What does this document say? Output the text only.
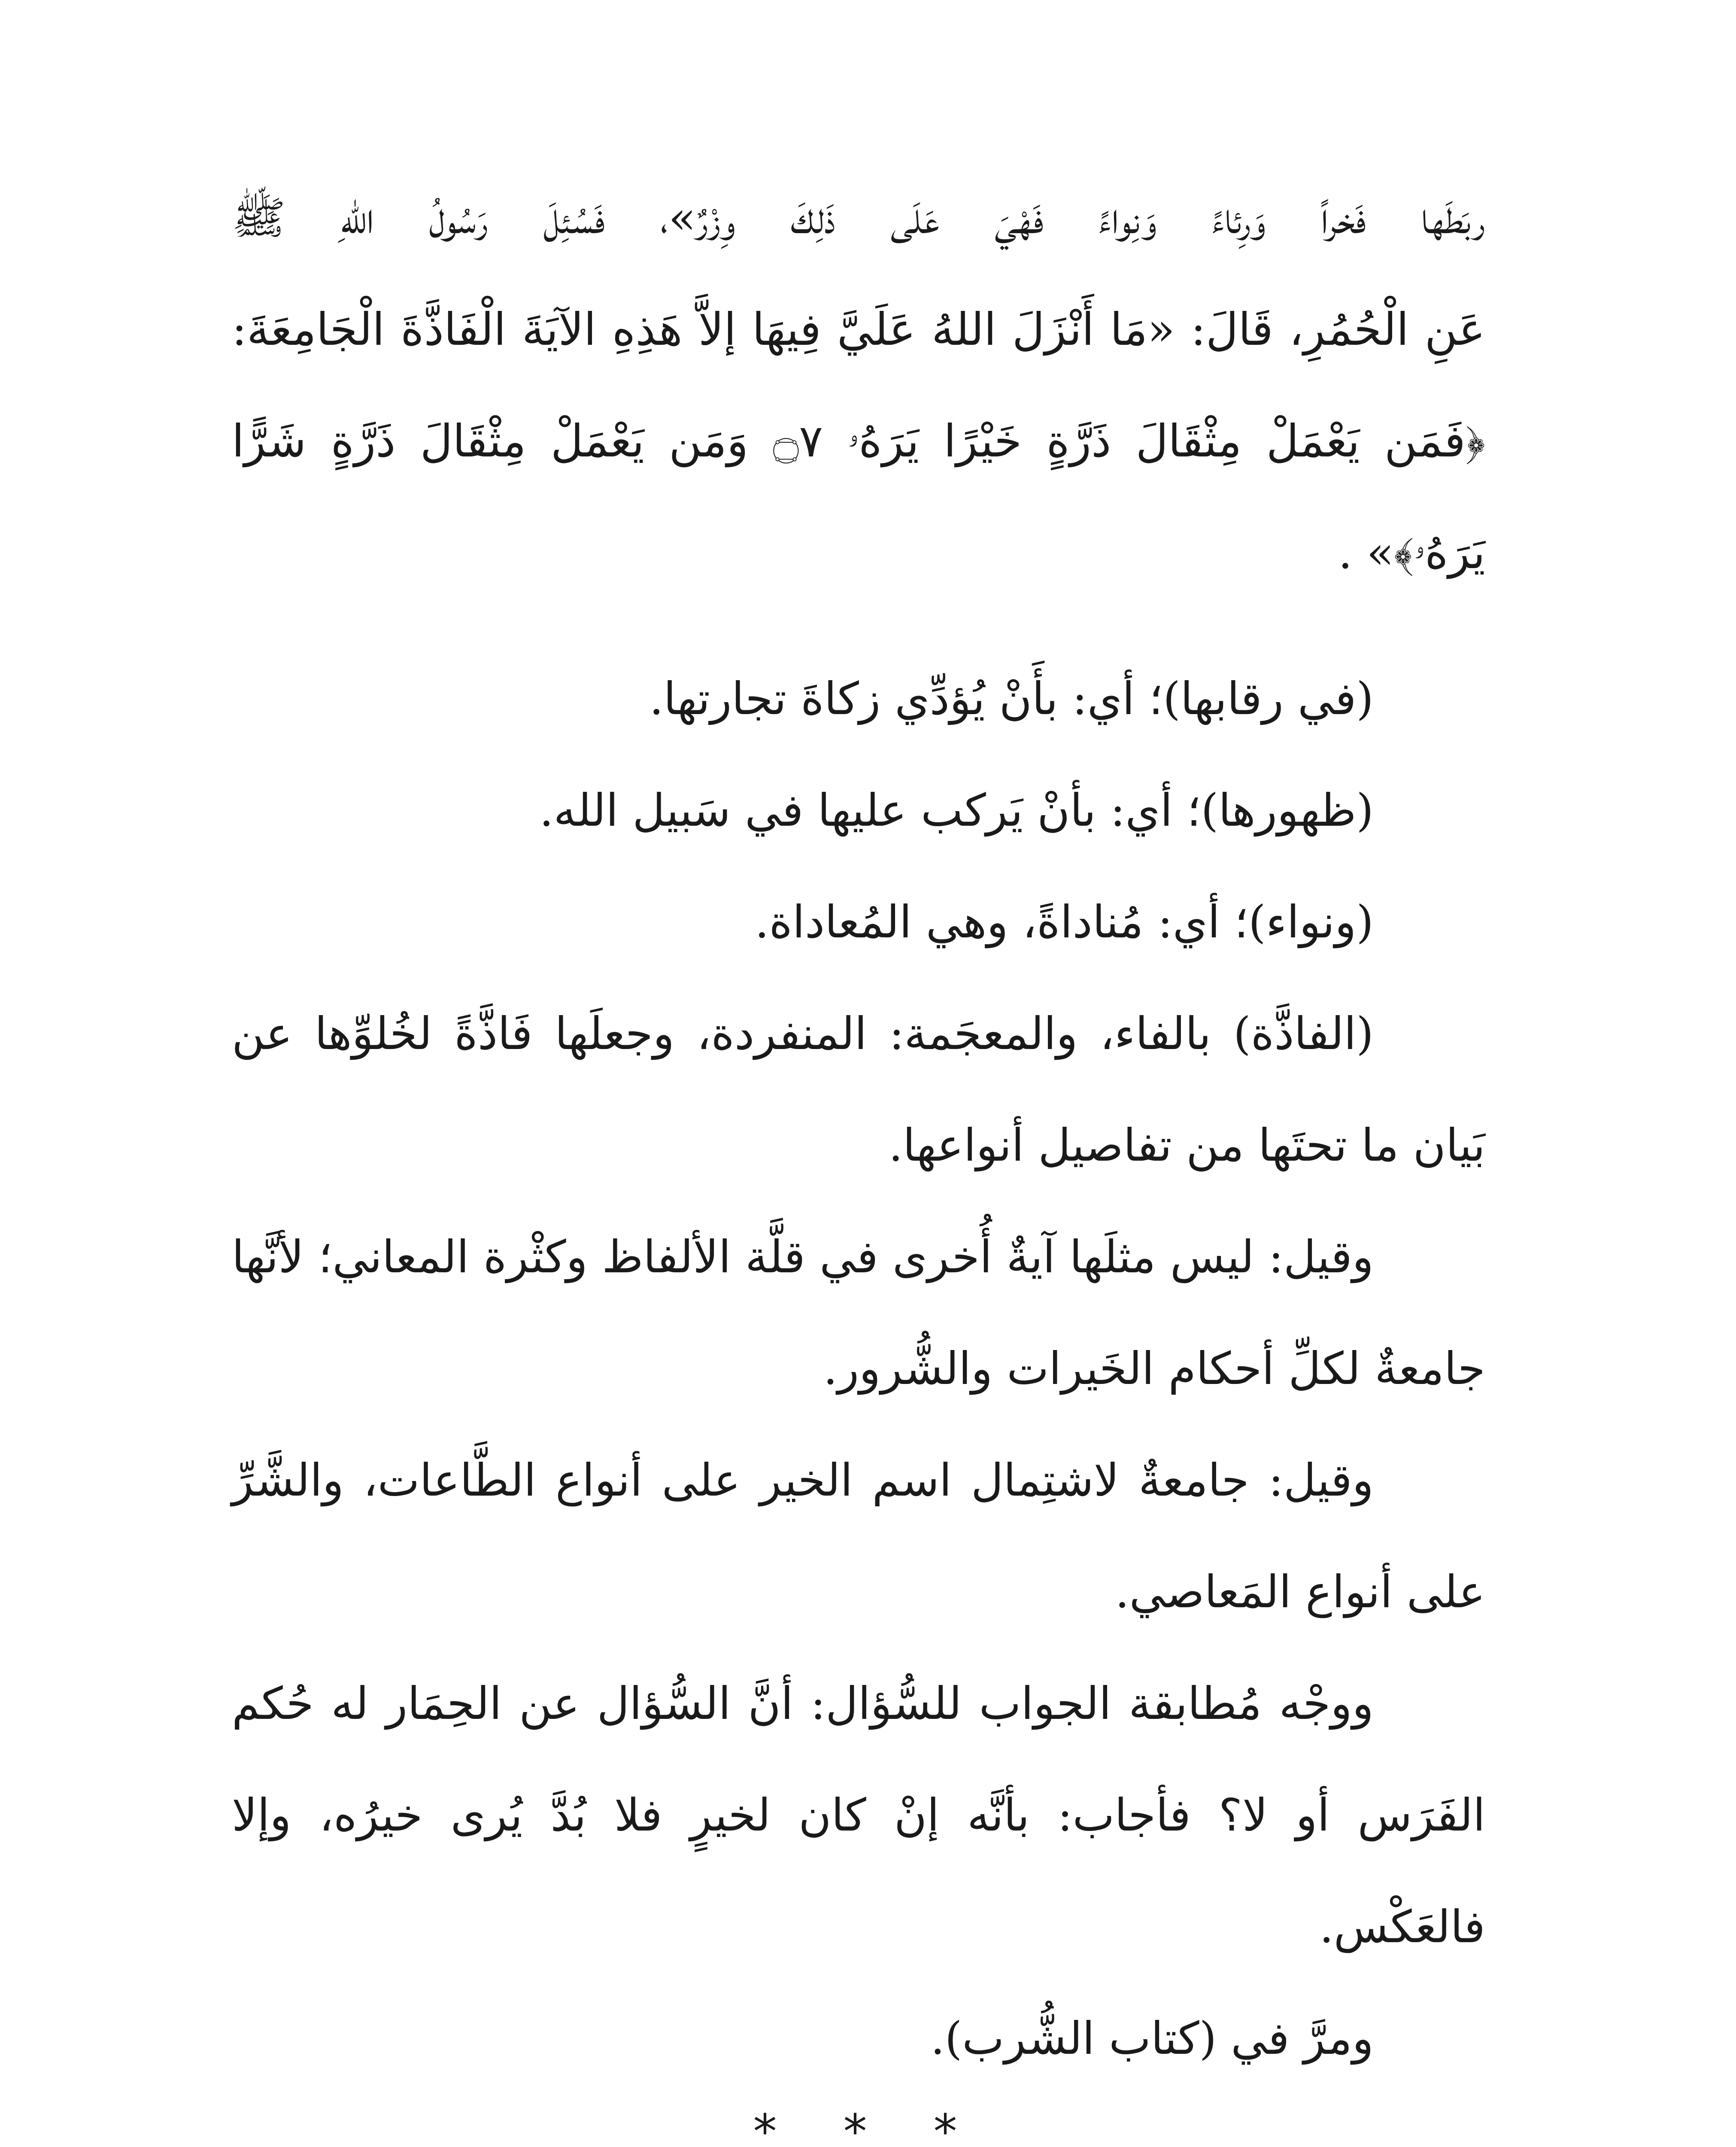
ربَطَها فَخراً وَرِئاءً وَنِواءً فَهْيَ عَلَى ذَلِكَ وِزْرٌ»، فَسُئِلَ رَسُولُ اللهِ ﷺ
عَنِ الْحُمُرِ، قَالَ: «مَا أَنْزَلَ اللهُ عَلَيَّ فِيهَا إلاَّ هَذِهِ الآيَةَ الْفَاذَّةَ الْجَامِعَةَ:
﴿فَمَن يَعْمَلْ مِثْقَالَ ذَرَّةٍ خَيْرًا يَرَهُۥ ۝٧ وَمَن يَعْمَلْ مِثْقَالَ ذَرَّةٍ شَرًّا
يَرَهُۥ﴾» .
(في رقابها)؛ أي: بأَنْ يُؤدِّي زكاةَ تجارتها.
(ظهورها)؛ أي: بأنْ يَركب عليها في سَبيل الله.
(ونواء)؛ أي: مُناداةً، وهي المُعاداة.
(الفاذَّة) بالفاء، والمعجَمة: المنفردة، وجعلَها فَاذَّةً لخُلوِّها عن
بَيان ما تحتَها من تفاصيل أنواعها.
وقيل: ليس مثلَها آيةٌ أُخرى في قلَّة الألفاظ وكثْرة المعاني؛ لأنَّها
جامعةٌ لكلِّ أحكام الخَيرات والشُّرور.
وقيل: جامعةٌ لاشتِمال اسم الخير على أنواع الطَّاعات، والشَّرِّ
على أنواع المَعاصي.
ووجْه مُطابقة الجواب للسُّؤال: أنَّ السُّؤال عن الحِمَار له حُكم
الفَرَس أو لا؟ فأجاب: بأنَّه إنْ كان لخيرٍ فلا بُدَّ يُرى خيرُه، وإلا
فالعَكْس.
ومرَّ في (كتاب الشُّرب).
* * *
